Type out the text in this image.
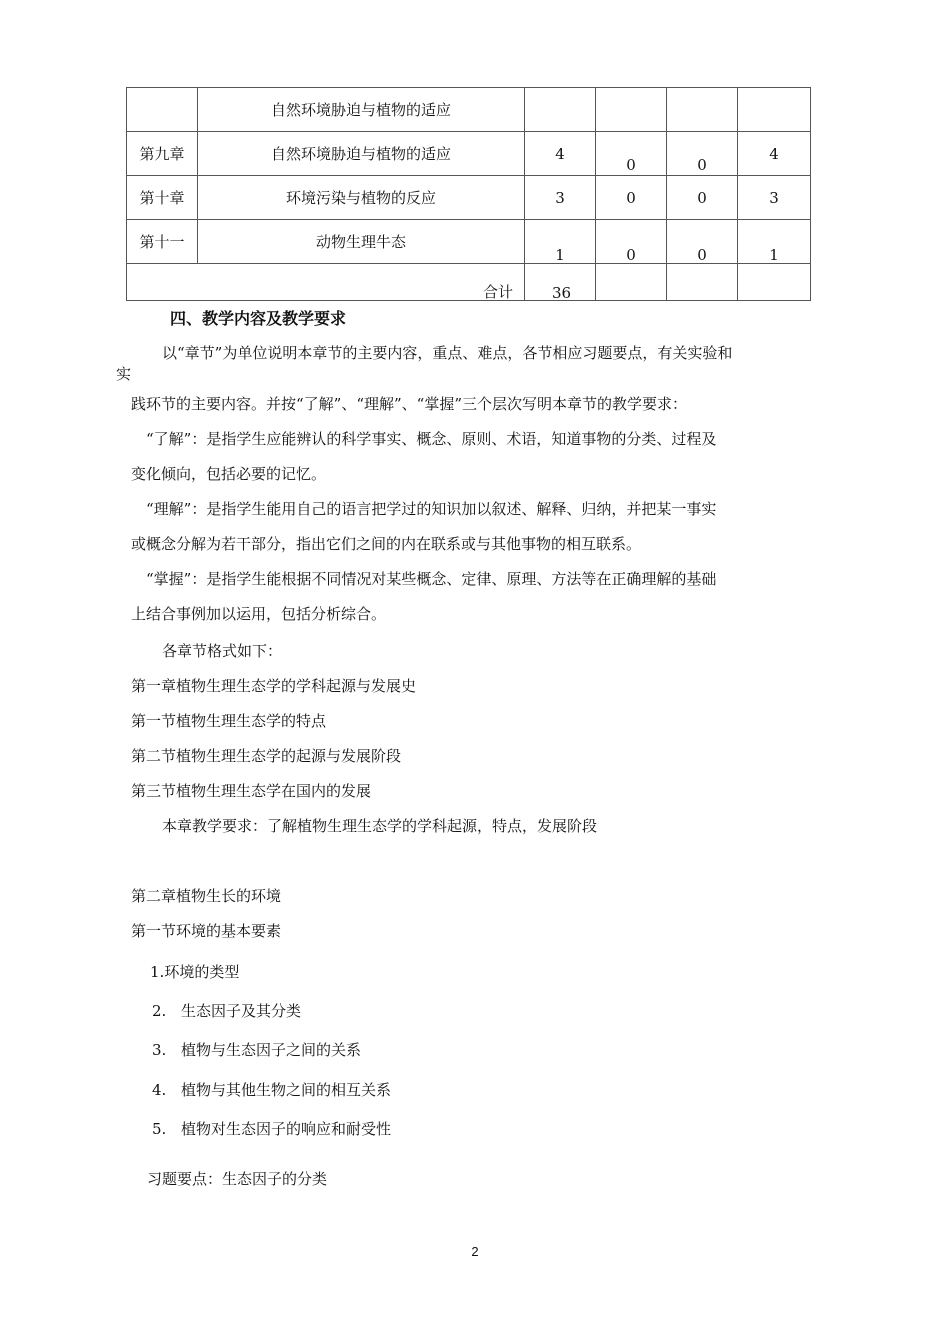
	自然环境胁迫与植物的适应				
第九章	自然环境胁迫与植物的适应	4	0	0	4
第十章	环境污染与植物的反应	3	0	0	3
第十一	动物生理牛态	1	0	0	1

合计		36			

四、教学内容及教学要求
以“章节”为单位说明本章节的主要内容，重点、难点，各节相应习题要点，有关实验和
实
践环节的主要内容。并按“了解”、“理解”、“掌握”三个层次写明本章节的教学要求：
“了解”：是指学生应能辨认的科学事实、概念、原则、术语，知道事物的分类、过程及
变化倾向，包括必要的记忆。
“理解”：是指学生能用自己的语言把学过的知识加以叙述、解释、归纳，并把某一事实
或概念分解为若干部分，指出它们之间的内在联系或与其他事物的相互联系。
“掌握”：是指学生能根据不同情况对某些概念、定律、原理、方法等在正确理解的基础
上结合事例加以运用，包括分析综合。
各章节格式如下：
第一章植物生理生态学的学科起源与发展史
第一节植物生理生态学的特点
第二节植物生理生态学的起源与发展阶段
第三节植物生理生态学在国内的发展
本章教学要求：了解植物生理生态学的学科起源，特点，发展阶段
第二章植物生长的环境
第一节环境的基本要素
1.环境的类型
2. 生态因子及其分类
3. 植物与生态因子之间的关系
4. 植物与其他生物之间的相互关系
5. 植物对生态因子的响应和耐受性
习题要点：生态因子的分类
2
